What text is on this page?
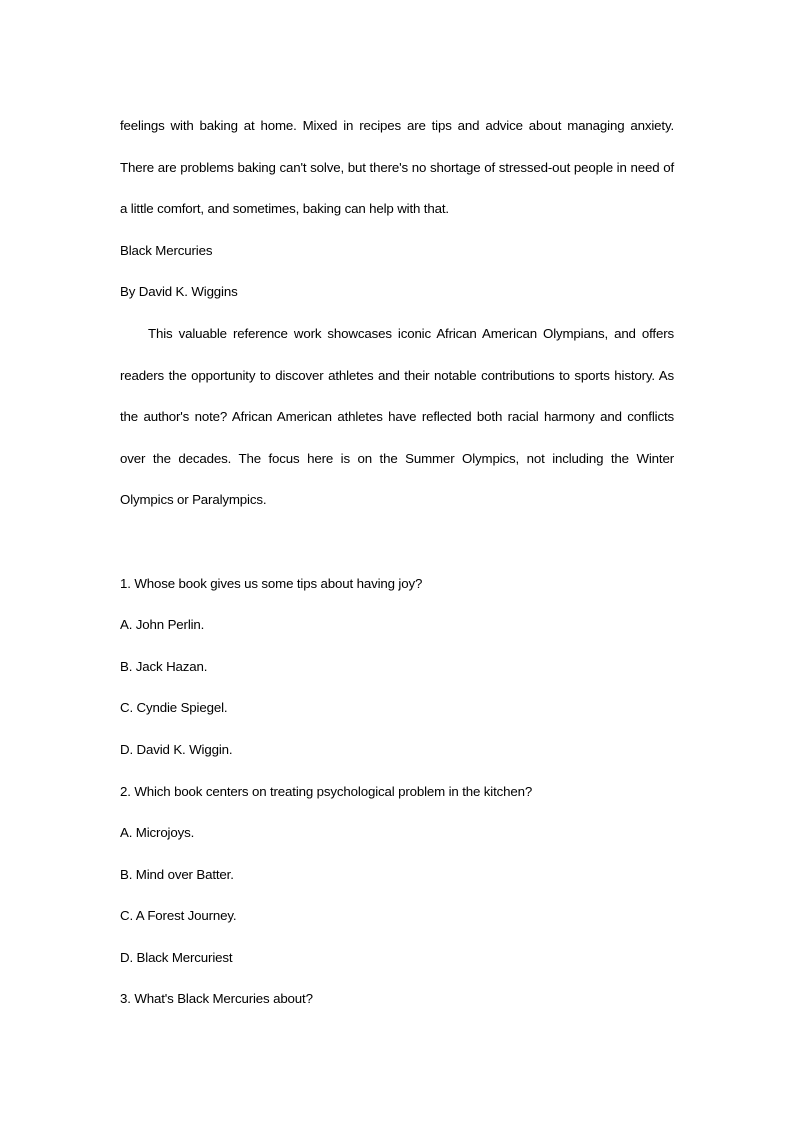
feelings with baking at home. Mixed in recipes are tips and advice about managing anxiety. There are problems baking can't solve, but there's no shortage of stressed-out people in need of a little comfort, and sometimes, baking can help with that.

Black Mercuries

By David K. Wiggins

This valuable reference work showcases iconic African American Olympians, and offers readers the opportunity to discover athletes and their notable contributions to sports history. As the author's note? African American athletes have reflected both racial harmony and conflicts over the decades. The focus here is on the Summer Olympics, not including the Winter Olympics or Paralympics.

1. Whose book gives us some tips about having joy?

A. John Perlin.

B. Jack Hazan.

C. Cyndie Spiegel.

D. David K. Wiggin.

2. Which book centers on treating psychological problem in the kitchen?

A. Microjoys.

B. Mind over Batter.

C. A Forest Journey.

D. Black Mercuriest

3. What's Black Mercuries about?
